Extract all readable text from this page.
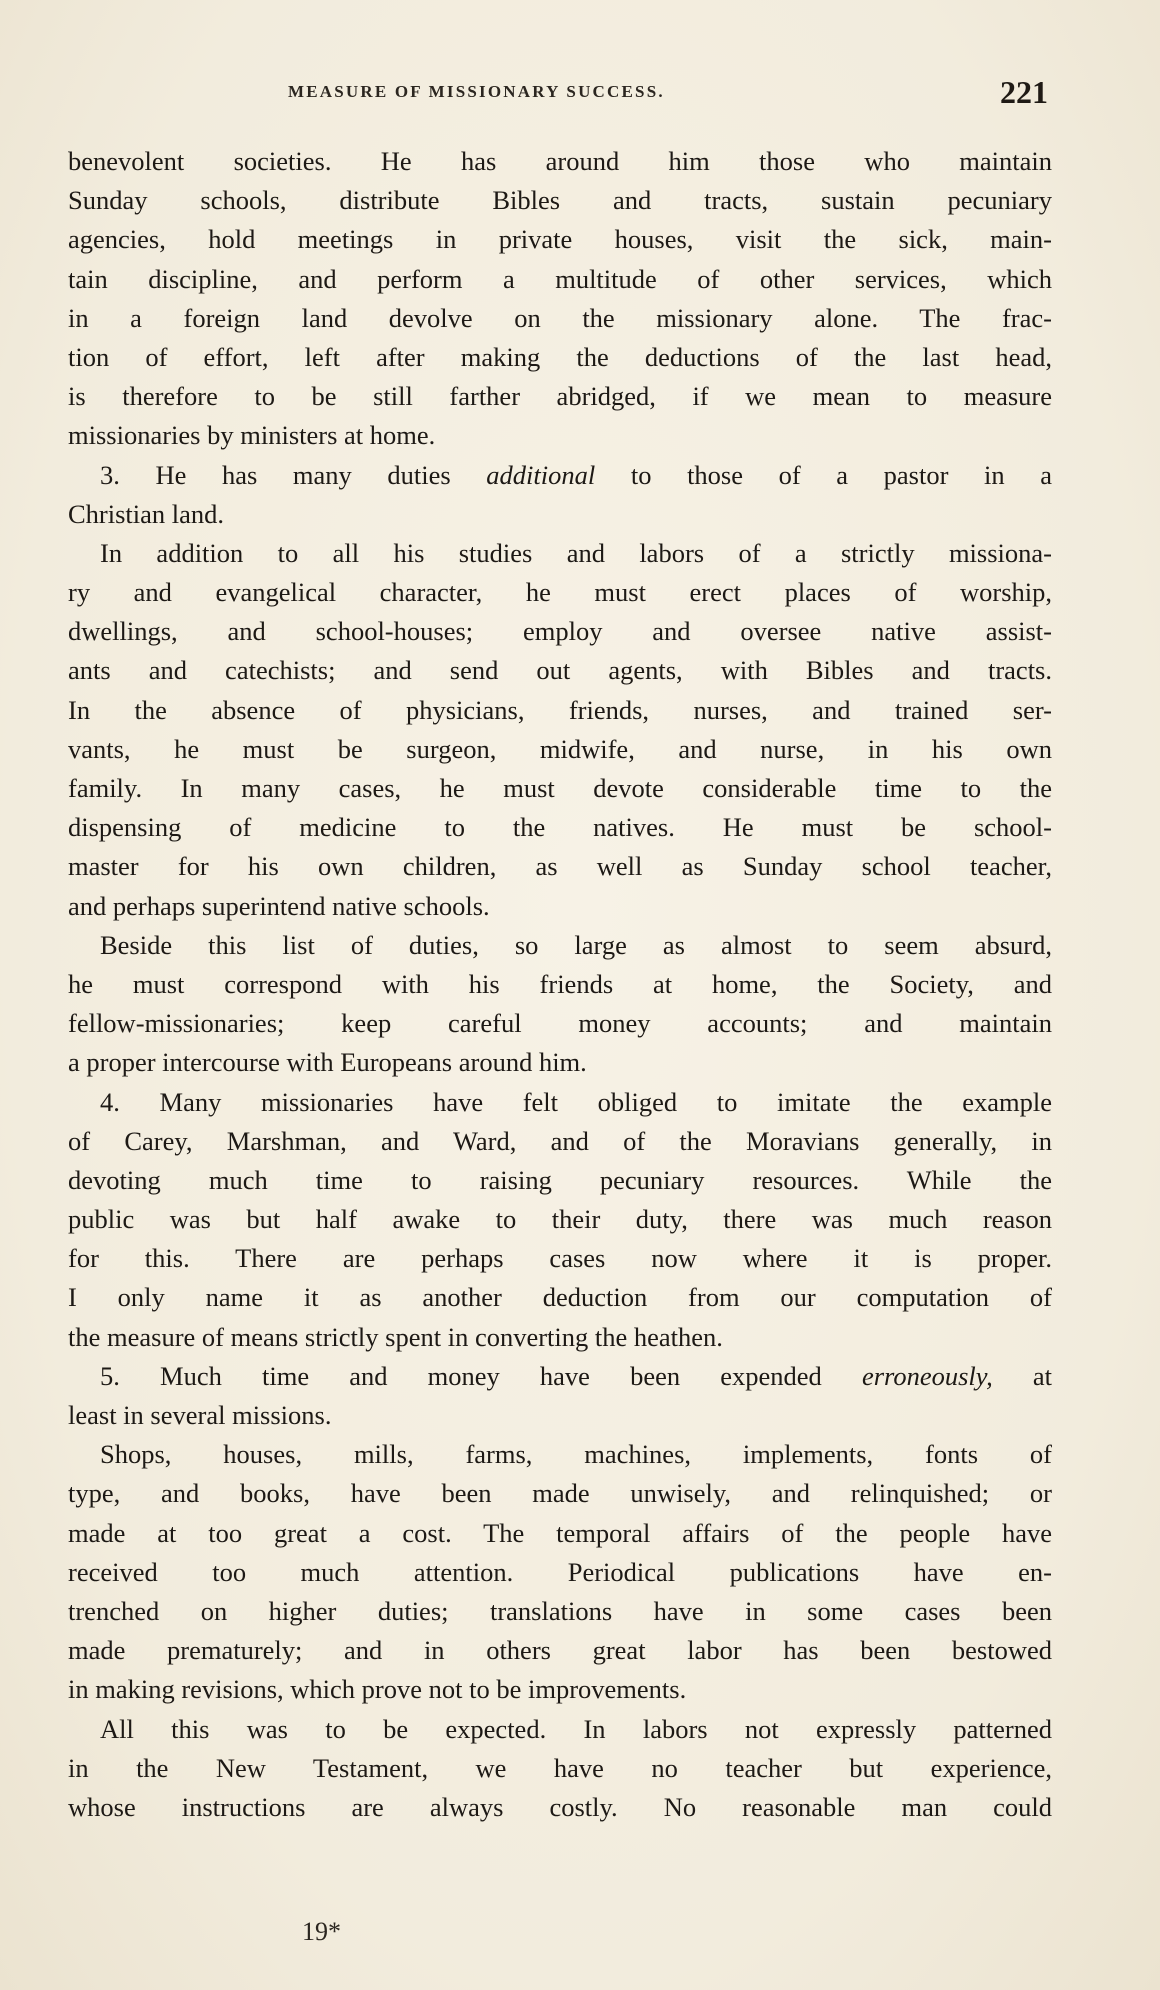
MEASURE OF MISSIONARY SUCCESS.	221
benevolent societies. He has around him those who maintain
Sunday schools, distribute Bibles and tracts, sustain pecuniary
agencies, hold meetings in private houses, visit the sick, main-
tain discipline, and perform a multitude of other services, which
in a foreign land devolve on the missionary alone. The frac-
tion of effort, left after making the deductions of the last head,
is therefore to be still farther abridged, if we mean to measure
missionaries by ministers at home.
3. He has many duties additional to those of a pastor in a
Christian land.
In addition to all his studies and labors of a strictly missiona-
ry and evangelical character, he must erect places of worship,
dwellings, and school-houses; employ and oversee native assist-
ants and catechists; and send out agents, with Bibles and tracts.
In the absence of physicians, friends, nurses, and trained ser-
vants, he must be surgeon, midwife, and nurse, in his own
family. In many cases, he must devote considerable time to the
dispensing of medicine to the natives. He must be school-
master for his own children, as well as Sunday school teacher,
and perhaps superintend native schools.
Beside this list of duties, so large as almost to seem absurd,
he must correspond with his friends at home, the Society, and
fellow-missionaries; keep careful money accounts; and maintain
a proper intercourse with Europeans around him.
4. Many missionaries have felt obliged to imitate the example
of Carey, Marshman, and Ward, and of the Moravians generally, in
devoting much time to raising pecuniary resources. While the
public was but half awake to their duty, there was much reason
for this. There are perhaps cases now where it is proper.
I only name it as another deduction from our computation of
the measure of means strictly spent in converting the heathen.
5. Much time and money have been expended erroneously, at
least in several missions.
Shops, houses, mills, farms, machines, implements, fonts of
type, and books, have been made unwisely, and relinquished; or
made at too great a cost. The temporal affairs of the people have
received too much attention. Periodical publications have en-
trenched on higher duties; translations have in some cases been
made prematurely; and in others great labor has been bestowed
in making revisions, which prove not to be improvements.
All this was to be expected. In labors not expressly patterned
in the New Testament, we have no teacher but experience,
whose instructions are always costly. No reasonable man could
19*
